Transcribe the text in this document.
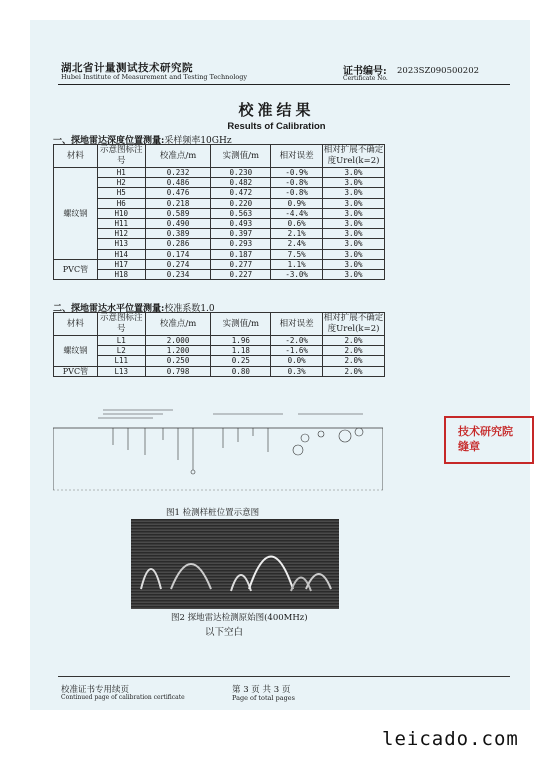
湖北省计量测试技术研究院
Hubei Institute of Measurement and Testing Technology	证书编号:
Certificate No.
2023SZ090500202
校准结果
Results of Calibration
一、探地雷达深度位置测量:采样频率10GHz
材料	示意图标注号	校准点/m	实测值/m	相对误差	相对扩展不确定度Urel(k=2)
螺纹钢	H1	0.232	0.230	-0.9%	3.0%
	H2	0.486	0.482	-0.8%	3.0%
	H5	0.476	0.472	-0.8%	3.0%
	H6	0.218	0.220	0.9%	3.0%
	H10	0.589	0.563	-4.4%	3.0%
	H11	0.490	0.493	0.6%	3.0%
	H12	0.389	0.397	2.1%	3.0%
	H13	0.286	0.293	2.4%	3.0%
	H14	0.174	0.187	7.5%	3.0%
PVC管	H17	0.274	0.277	1.1%	3.0%
	H18	0.234	0.227	-3.0%	3.0%
二、探地雷达水平位置测量:校准系数1.0
材料	示意图标注号	校准点/m	实测值/m	相对误差	相对扩展不确定度Urel(k=2)
螺纹钢	L1	2.000	1.96	-2.0%	2.0%
	L2	1.200	1.18	-1.6%	2.0%
	L11	0.250	0.25	0.0%	2.0%
PVC管	L13	0.798	0.80	0.3%	2.0%
图1 检测样桩位置示意图
图2 探地雷达检测原始图(400MHz)
以下空白
技术研究院
缝章
校准证书专用续页
Continued page of calibration certificate
第 3 页 共 3 页
Page of total pages
leicado.com
